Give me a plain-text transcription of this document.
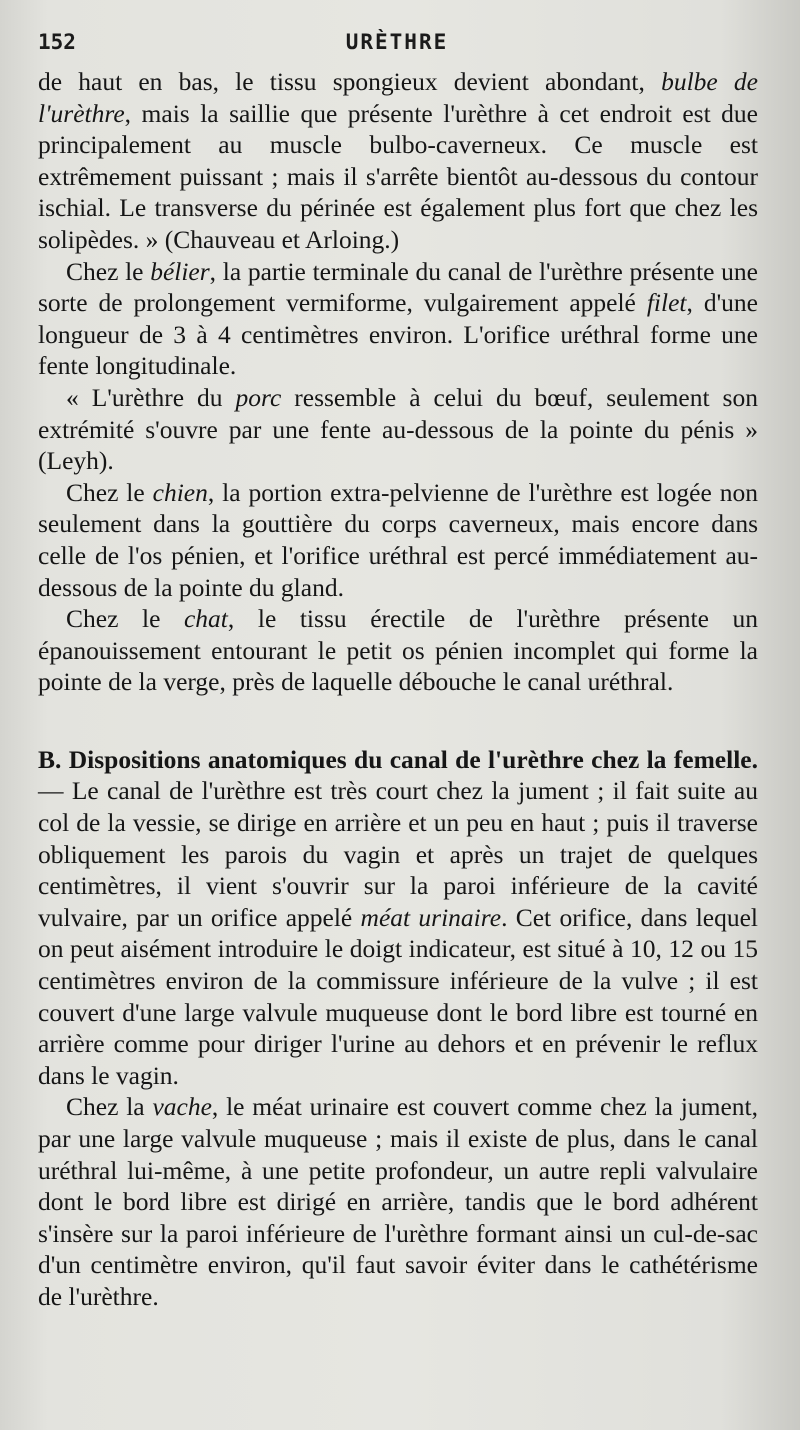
152	URÈTHRE

de haut en bas, le tissu spongieux devient abondant, bulbe de l'urèthre, mais la saillie que présente l'urèthre à cet endroit est due principalement au muscle bulbo-caverneux. Ce muscle est extrêmement puissant ; mais il s'arrête bientôt au-dessous du contour ischial. Le transverse du périnée est également plus fort que chez les solipèdes. » (Chauveau et Arloing.)

Chez le bélier, la partie terminale du canal de l'urèthre présente une sorte de prolongement vermiforme, vulgairement appelé filet, d'une longueur de 3 à 4 centimètres environ. L'orifice uréthral forme une fente longitudinale.

« L'urèthre du porc ressemble à celui du bœuf, seulement son extrémité s'ouvre par une fente au-dessous de la pointe du pénis » (Leyh).

Chez le chien, la portion extra-pelvienne de l'urèthre est logée non seulement dans la gouttière du corps caverneux, mais encore dans celle de l'os pénien, et l'orifice uréthral est percé immédiatement au-dessous de la pointe du gland.

Chez le chat, le tissu érectile de l'urèthre présente un épanouissement entourant le petit os pénien incomplet qui forme la pointe de la verge, près de laquelle débouche le canal uréthral.

B. Dispositions anatomiques du canal de l'urèthre chez la femelle. — Le canal de l'urèthre est très court chez la jument ; il fait suite au col de la vessie, se dirige en arrière et un peu en haut ; puis il traverse obliquement les parois du vagin et après un trajet de quelques centimètres, il vient s'ouvrir sur la paroi inférieure de la cavité vulvaire, par un orifice appelé méat urinaire. Cet orifice, dans lequel on peut aisément introduire le doigt indicateur, est situé à 10, 12 ou 15 centimètres environ de la commissure inférieure de la vulve ; il est couvert d'une large valvule muqueuse dont le bord libre est tourné en arrière comme pour diriger l'urine au dehors et en prévenir le reflux dans le vagin.

Chez la vache, le méat urinaire est couvert comme chez la jument, par une large valvule muqueuse ; mais il existe de plus, dans le canal uréthral lui-même, à une petite profondeur, un autre repli valvulaire dont le bord libre est dirigé en arrière, tandis que le bord adhérent s'insère sur la paroi inférieure de l'urèthre formant ainsi un cul-de-sac d'un centimètre environ, qu'il faut savoir éviter dans le cathétérisme de l'urèthre.
